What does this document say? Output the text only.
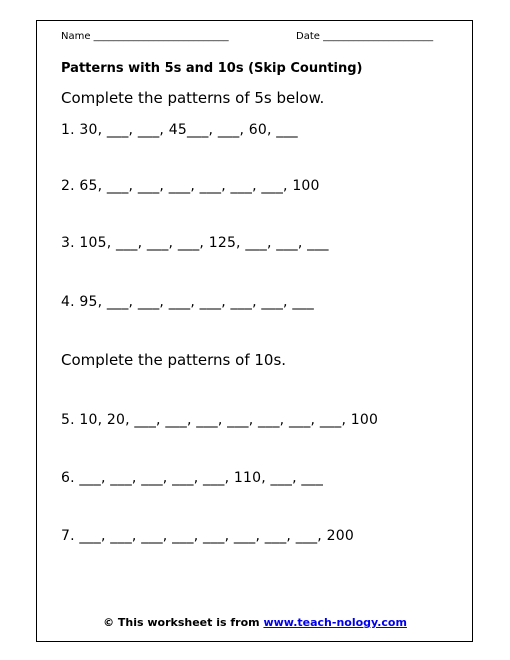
Name ___________________________	Date ______________________
Patterns with 5s and 10s (Skip Counting)
Complete the patterns of 5s below.
1. 30, ___, ___, 45___, ___, 60, ___
2. 65, ___, ___, ___, ___, ___, ___, 100
3. 105, ___, ___, ___, 125, ___, ___, ___
4. 95, ___, ___, ___, ___, ___, ___, ___
Complete the patterns of 10s.
5. 10, 20, ___, ___, ___, ___, ___, ___, ___, 100
6. ___, ___, ___, ___, ___, 110, ___, ___
7. ___, ___, ___, ___, ___, ___, ___, ___, 200
© This worksheet is from www.teach-nology.com
